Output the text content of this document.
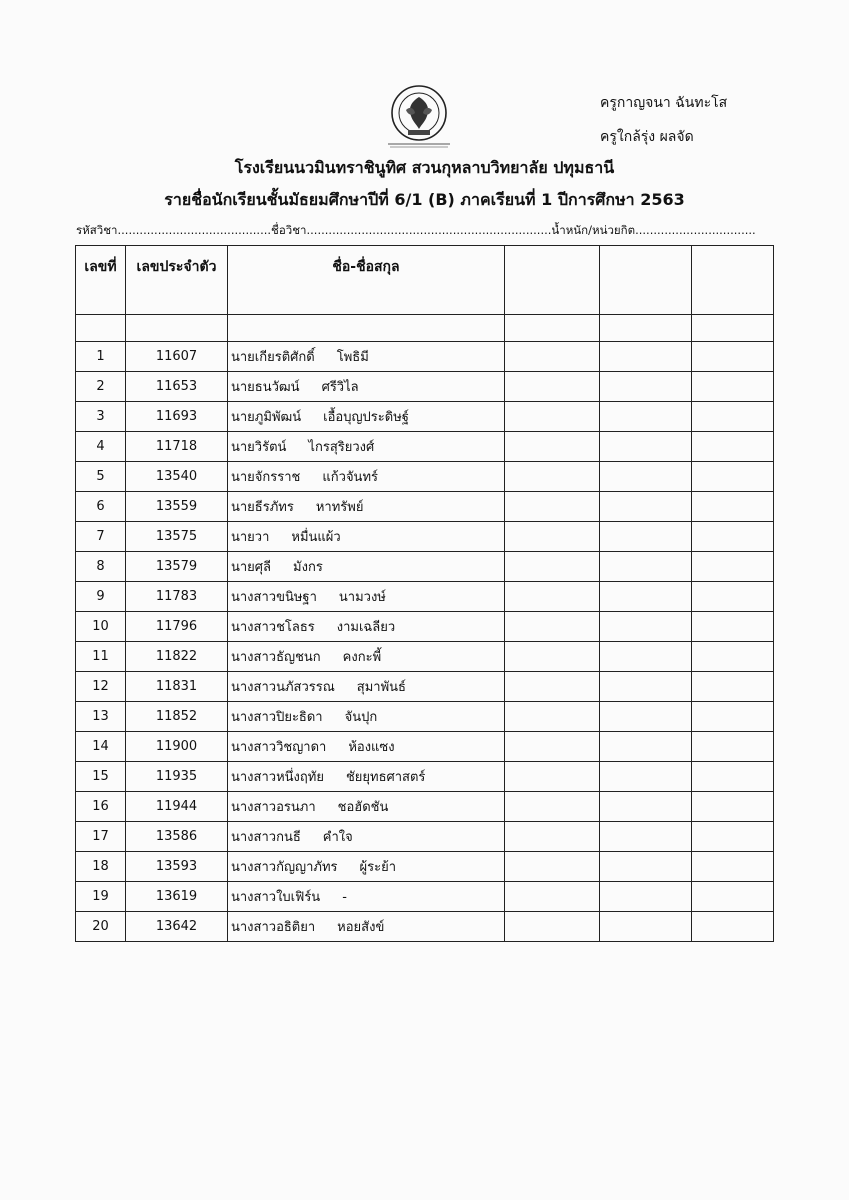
ครูกาญจนา ฉันทะโส
ครูใกล้รุ่ง ผลจัด
โรงเรียนนวมินทราชินูทิศ สวนกุหลาบวิทยาลัย ปทุมธานี
รายชื่อนักเรียนชั้นมัธยมศึกษาปีที่ 6/1 (B) ภาคเรียนที่ 1 ปีการศึกษา 2563
รหัสวิชา..........................................ชื่อวิชา...................................................................น้ำหนัก/หน่วยกิต.................................
เลขที่	เลขประจำตัว	ชื่อ-ชื่อสกุล			

1	11607	นายเกียรติศักดิ์ โพธิมี			
2	11653	นายธนวัฒน์ ศรีวิไล			
3	11693	นายภูมิพัฒน์ เอื้อบุญประดิษฐ์			
4	11718	นายวิรัตน์ ไกรสุริยวงศ์			
5	13540	นายจักรราช แก้วจันทร์			
6	13559	นายธีรภัทร หาทรัพย์			
7	13575	นายวา หมื่นแผ้ว			
8	13579	นายศุลี มังกร			
9	11783	นางสาวขนิษฐา นามวงษ์			
10	11796	นางสาวชโลธร งามเฉลียว			
11	11822	นางสาวธัญชนก คงกะพี้			
12	11831	นางสาวนภัสวรรณ สุมาพันธ์			
13	11852	นางสาวปิยะธิดา จันปุก			
14	11900	นางสาววิชญาดา ห้องแซง			
15	11935	นางสาวหนึ่งฤทัย ชัยยุทธศาสตร์			
16	11944	นางสาวอรนภา ชอฮัดชัน			
17	13586	นางสาวกนธี คำใจ			
18	13593	นางสาวกัญญาภัทร ผู้ระย้า			
19	13619	นางสาวใบเฟิร์น -			
20	13642	นางสาวอธิติยา หอยสังข์			
